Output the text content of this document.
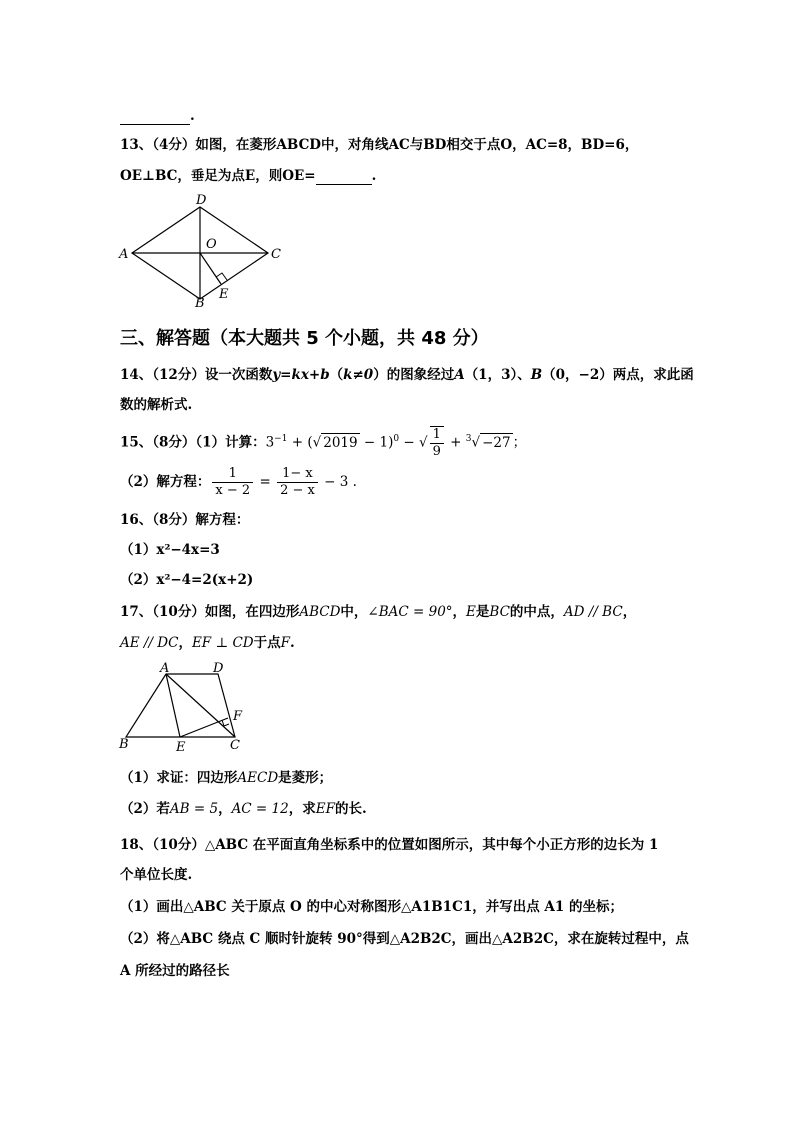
.
13、（4分）如图，在菱形ABCD中，对角线AC与BD相交于点O，AC=8，BD=6，
OE⊥BC，垂足为点E，则OE=	.
D
A	C
O
B
E
三、解答题（本大题共 5 个小题，共 48 分）
14、（12分）设一次函数y=kx+b（k≠0）的图象经过A（1，3）、B（0，−2）两点，求此函
数的解析式.
15、（8分）（1）计算：$3^{-1}$ + (√ 2019 − 1)$^0$ − √ $\frac{1}{9} + ^3√ -27$ ；
（2）解方程： $\frac{1}{x - 2} = \frac{1- x}{2 - x} - 3$ .
16、（8分）解方程：
（1）x²−4x=3
（2）x²−4=2(x+2)
17、（10分）如图，在四边形ABCD中，∠BAC = 90°，E是BC的中点，AD // BC，
AE // DC，EF ⊥ CD于点F.
A	D
F
B	E	C
（1）求证：四边形AECD是菱形；
（2）若AB = 5，AC = 12，求EF的长.
18、（10分）△ABC 在平面直角坐标系中的位置如图所示，其中每个小正方形的边长为 1
个单位长度.
（1）画出△ABC 关于原点 O 的中心对称图形△A1B1C1，并写出点 A1 的坐标；
（2）将△ABC 绕点 C 顺时针旋转 90°得到△A2B2C，画出△A2B2C，求在旋转过程中，点
A 所经过的路径长
